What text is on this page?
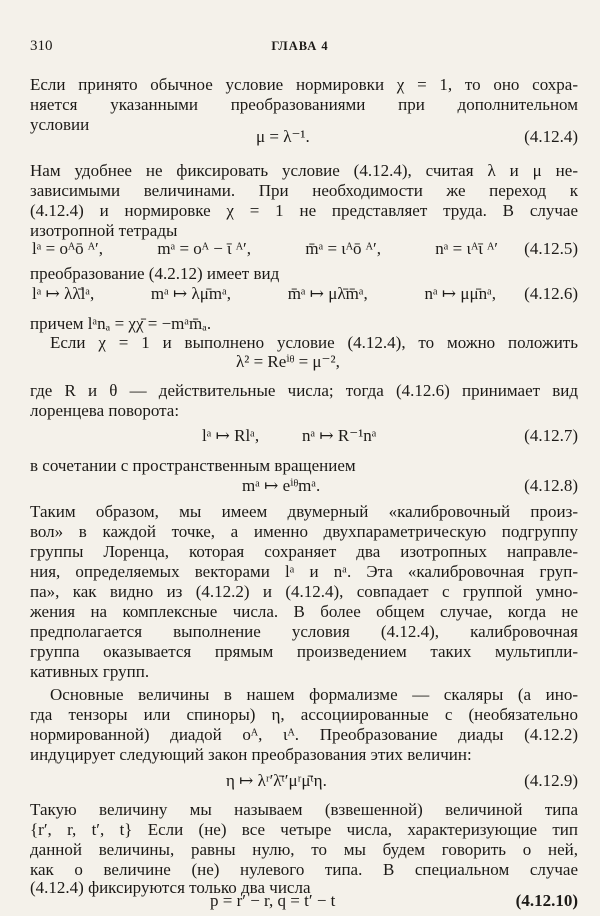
310	ГЛАВА 4
Если принято обычное условие нормировки χ = 1, то оно сохра-
няется указанными преобразованиями при дополнительном
условии
μ = λ⁻¹.	(4.12.4)
Нам удобнее не фиксировать условие (4.12.4), считая λ и μ не-
зависимыми величинами. При необходимости же переход к
(4.12.4) и нормировке χ = 1 не представляет труда. В случае
изотропной тетрады
lᵃ = oᴬō ᴬ′,	mᵃ = oᴬ − ῑ ᴬ′,	m̄ᵃ = ιᴬō ᴬ′,	nᵃ = ιᴬῑ ᴬ′ (4.12.5)
преобразование (4.2.12) имеет вид
lᵃ ↦ λλ̄lᵃ,	mᵃ ↦ λμ̄mᵃ,	m̄ᵃ ↦ μλ̄m̄ᵃ,	nᵃ ↦ μμ̄nᵃ, (4.12.6)
причем lᵃnₐ = χχ̄ = −mᵃm̄ₐ.
Если χ = 1 и выполнено условие (4.12.4), то можно положить
λ² = Reⁱᶿ = μ⁻²,
где R и θ — действительные числа; тогда (4.12.6) принимает вид
лоренцева поворота:
lᵃ ↦ Rlᵃ,	nᵃ ↦ R⁻¹nᵃ	(4.12.7)
в сочетании с пространственным вращением
mᵃ ↦ eⁱᶿmᵃ.	(4.12.8)
Таким образом, мы имеем двумерный «калибровочный произ-
вол» в каждой точке, а именно двухпараметрическую подгруппу
группы Лоренца, которая сохраняет два изотропных направле-
ния, определяемых векторами lᵃ и nᵃ. Эта «калибровочная груп-
па», как видно из (4.12.2) и (4.12.4), совпадает с группой умно-
жения на комплексные числа. В более общем случае, когда не
предполагается выполнение условия (4.12.4), калибровочная
группа оказывается прямым произведением таких мультипли-
кативных групп.
Основные величины в нашем формализме — скаляры (а ино-
гда тензоры или спиноры) η, ассоциированные с (необязательно
нормированной) диадой oᴬ, ιᴬ. Преобразование диады (4.12.2)
индуцирует следующий закон преобразования этих величин:
η ↦ λʳ′λ̄ᵗ′μʳμ̄ᵗη.	(4.12.9)
Такую величину мы называем (взвешенной) величиной типа
{r′, r, t′, t} Если (не) все четыре числа, характеризующие тип
данной величины, равны нулю, то мы будем говорить о ней,
как о величине (не) нулевого типа. В специальном случае
(4.12.4) фиксируются только два числа
p = r′ − r, q = t′ − t	(4.12.10)
